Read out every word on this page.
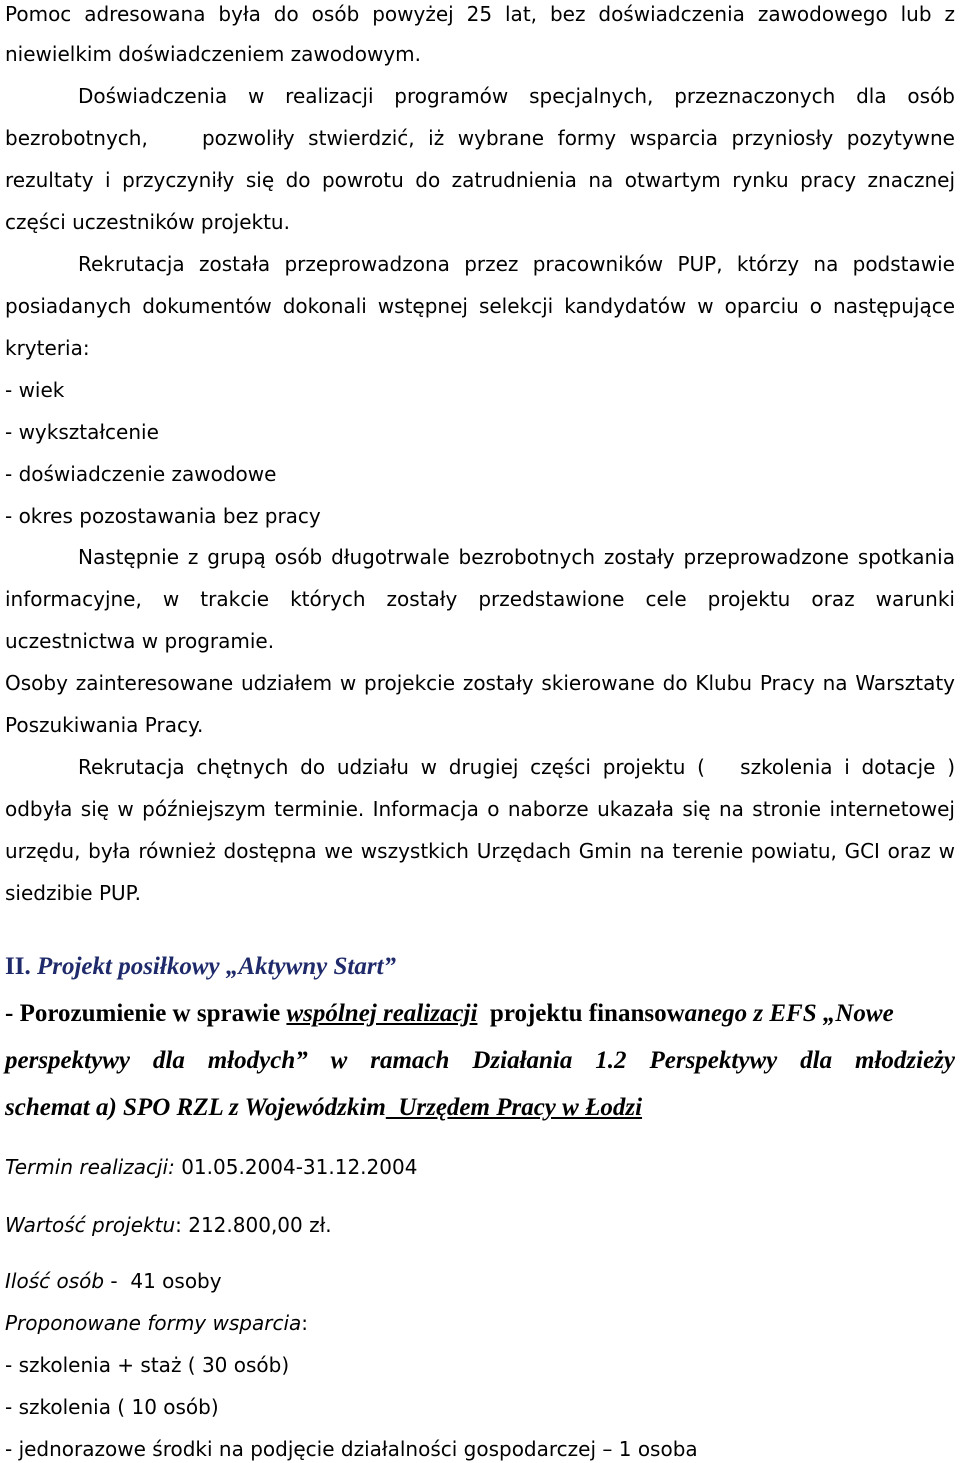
Pomoc adresowana była do osób powyżej 25 lat, bez doświadczenia zawodowego lub z
niewielkim doświadczeniem zawodowym.
Doświadczenia w realizacji programów specjalnych, przeznaczonych dla osób
bezrobotnych,    pozwoliły stwierdzić, iż wybrane formy wsparcia przyniosły pozytywne
rezultaty i przyczyniły się do powrotu do zatrudnienia na otwartym rynku pracy znacznej
części uczestników projektu.
Rekrutacja została przeprowadzona przez pracowników PUP, którzy na podstawie
posiadanych dokumentów dokonali wstępnej selekcji kandydatów w oparciu o następujące
kryteria:
- wiek
- wykształcenie
- doświadczenie zawodowe
- okres pozostawania bez pracy
Następnie z grupą osób długotrwale bezrobotnych zostały przeprowadzone spotkania
informacyjne, w trakcie których zostały przedstawione cele projektu oraz warunki
uczestnictwa w programie.
Osoby zainteresowane udziałem w projekcie zostały skierowane do Klubu Pracy na Warsztaty
Poszukiwania Pracy.
Rekrutacja chętnych do udziału w drugiej części projektu (   szkolenia i dotacje )
odbyła się w późniejszym terminie. Informacja o naborze ukazała się na stronie internetowej
urzędu, była również dostępna we wszystkich Urzędach Gmin na terenie powiatu, GCI oraz w
siedzibie PUP.
II. Projekt posiłkowy „Aktywny Start”
- Porozumienie w sprawie wspólnej realizacji  projektu finansowanego z EFS „Nowe
perspektywy dla młodych” w ramach Działania 1.2 Perspektywy dla młodzieży
schemat a) SPO RZL z Wojewódzkim  Urzędem Pracy w Łodzi
Termin realizacji: 01.05.2004-31.12.2004
Wartość projektu: 212.800,00 zł.
Ilość osób -  41 osoby
Proponowane formy wsparcia:
- szkolenia + staż ( 30 osób)
- szkolenia ( 10 osób)
- jednorazowe środki na podjęcie działalności gospodarczej – 1 osoba
